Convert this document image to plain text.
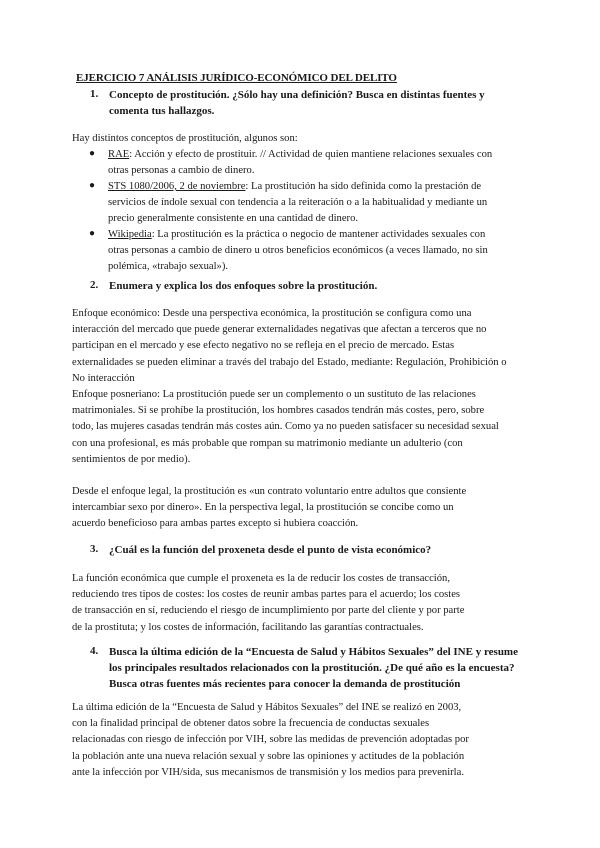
EJERCICIO 7 ANÁLISIS JURÍDICO-ECONÓMICO DEL DELITO
1. Concepto de prostitución. ¿Sólo hay una definición? Busca en distintas fuentes y
comenta tus hallazgos.
Hay distintos conceptos de prostitución, algunos son:
RAE: Acción y efecto de prostituir. // Actividad de quien mantiene relaciones sexuales con
otras personas a cambio de dinero.
●
STS 1080/2006, 2 de noviembre: La prostitución ha sido definida como la prestación de
servicios de índole sexual con tendencia a la reiteración o a la habitualidad y mediante un
precio generalmente consistente en una cantidad de dinero.
●
Wikipedia: La prostitución es la práctica o negocio de mantener actividades sexuales con
otras personas a cambio de dinero u otros beneficios económicos (a veces llamado, no sin
polémica, «trabajo sexual»).
●
2. Enumera y explica los dos enfoques sobre la prostitución.
Enfoque económico: Desde una perspectiva económica, la prostitución se configura como una
interacción del mercado que puede generar externalidades negativas que afectan a terceros que no
participan en el mercado y ese efecto negativo no se refleja en el precio de mercado. Estas
externalidades se pueden eliminar a través del trabajo del Estado, mediante: Regulación, Prohibición o
No interacción
Enfoque posneriano: La prostitución puede ser un complemento o un sustituto de las relaciones
matrimoniales. Si se prohíbe la prostitución, los hombres casados tendrán más costes, pero, sobre
todo, las mujeres casadas tendrán más costes aún. Como ya no pueden satisfacer su necesidad sexual
con una profesional, es más probable que rompan su matrimonio mediante un adulterio (con
sentimientos de por medio).
Desde el enfoque legal, la prostitución es «un contrato voluntario entre adultos que consiente
intercambiar sexo por dinero». En la perspectiva legal, la prostitución se concibe como un
acuerdo beneficioso para ambas partes excepto si hubiera coacción.
3. ¿Cuál es la función del proxeneta desde el punto de vista económico?
La función económica que cumple el proxeneta es la de reducir los costes de transacción,
reduciendo tres tipos de costes: los costes de reunir ambas partes para el acuerdo; los costes
de transacción en sí, reduciendo el riesgo de incumplimiento por parte del cliente y por parte
de la prostituta; y los costes de información, facilitando las garantías contractuales.
4. Busca la última edición de la “Encuesta de Salud y Hábitos Sexuales” del INE y resume
los principales resultados relacionados con la prostitución. ¿De qué año es la encuesta?
Busca otras fuentes más recientes para conocer la demanda de prostitución
La última edición de la “Encuesta de Salud y Hábitos Sexuales” del INE se realizó en 2003,
con la finalidad principal de obtener datos sobre la frecuencia de conductas sexuales
relacionadas con riesgo de infección por VIH, sobre las medidas de prevención adoptadas por
la población ante una nueva relación sexual y sobre las opiniones y actitudes de la población
ante la infección por VIH/sida, sus mecanismos de transmisión y los medios para prevenirla.
